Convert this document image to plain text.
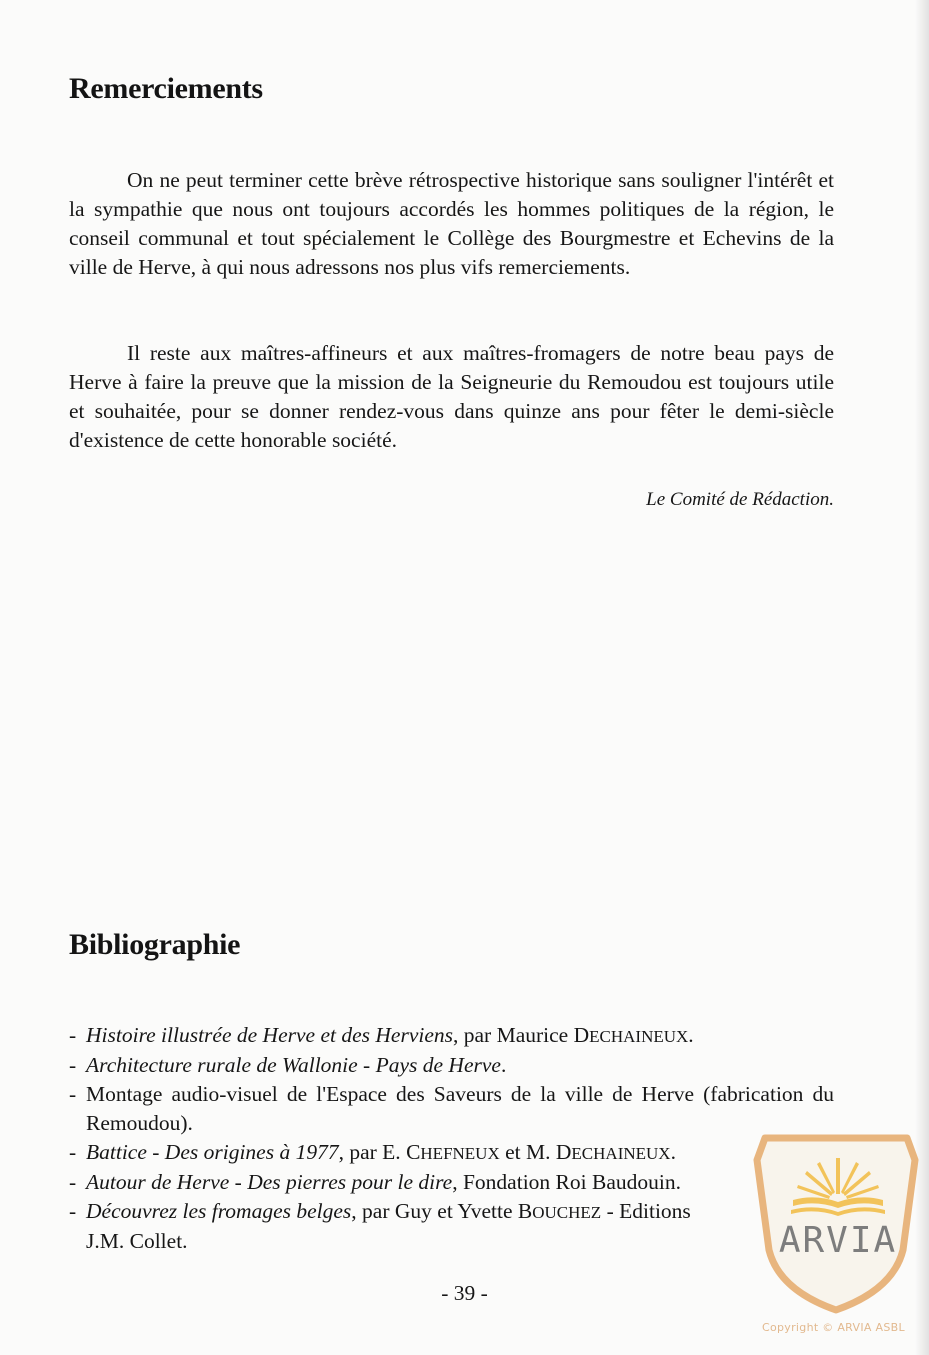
Remerciements

On ne peut terminer cette brève rétrospective historique sans souligner l'intérêt et la sympathie que nous ont toujours accordés les hommes politiques de la région, le conseil communal et tout spécialement le Collège des Bourgmestre et Echevins de la ville de Herve, à qui nous adressons nos plus vifs remerciements.

Il reste aux maîtres-affineurs et aux maîtres-fromagers de notre beau pays de Herve à faire la preuve que la mission de la Seigneurie du Remoudou est toujours utile et souhaitée, pour se donner rendez-vous dans quinze ans pour fêter le demi-siècle d'existence de cette honorable société.

Le Comité de Rédaction.

Bibliographie
- Histoire illustrée de Herve et des Herviens, par Maurice DECHAINEUX.
- Architecture rurale de Wallonie - Pays de Herve.
- Montage audio-visuel de l'Espace des Saveurs de la ville de Herve (fabrication du Remoudou).
- Battice - Des origines à 1977, par E. CHEFNEUX et M. DECHAINEUX.
- Autour de Herve - Des pierres pour le dire, Fondation Roi Baudouin.
- Découvrez les fromages belges, par Guy et Yvette BOUCHEZ - Editions
J.M. Collet.

- 39 -

ARVIA

Copyright © ARVIA ASBL
